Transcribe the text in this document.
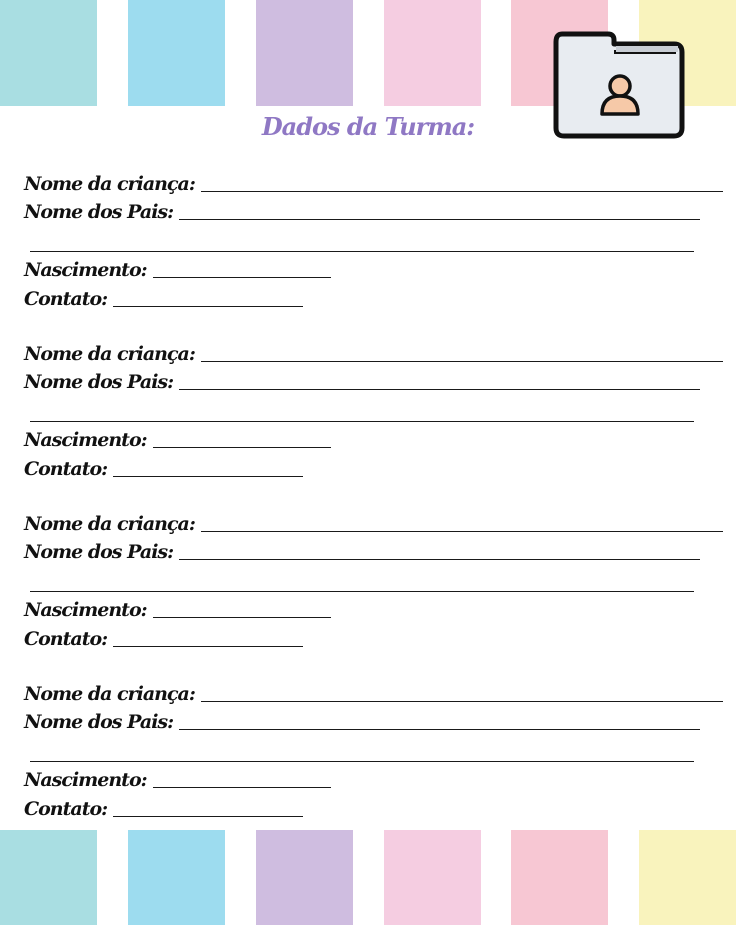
Dados da Turma:
Nome da criança:
Nome dos Pais:
Nascimento:
Contato:
Nome da criança:
Nome dos Pais:
Nascimento:
Contato:
Nome da criança:
Nome dos Pais:
Nascimento:
Contato:
Nome da criança:
Nome dos Pais:
Nascimento:
Contato:
